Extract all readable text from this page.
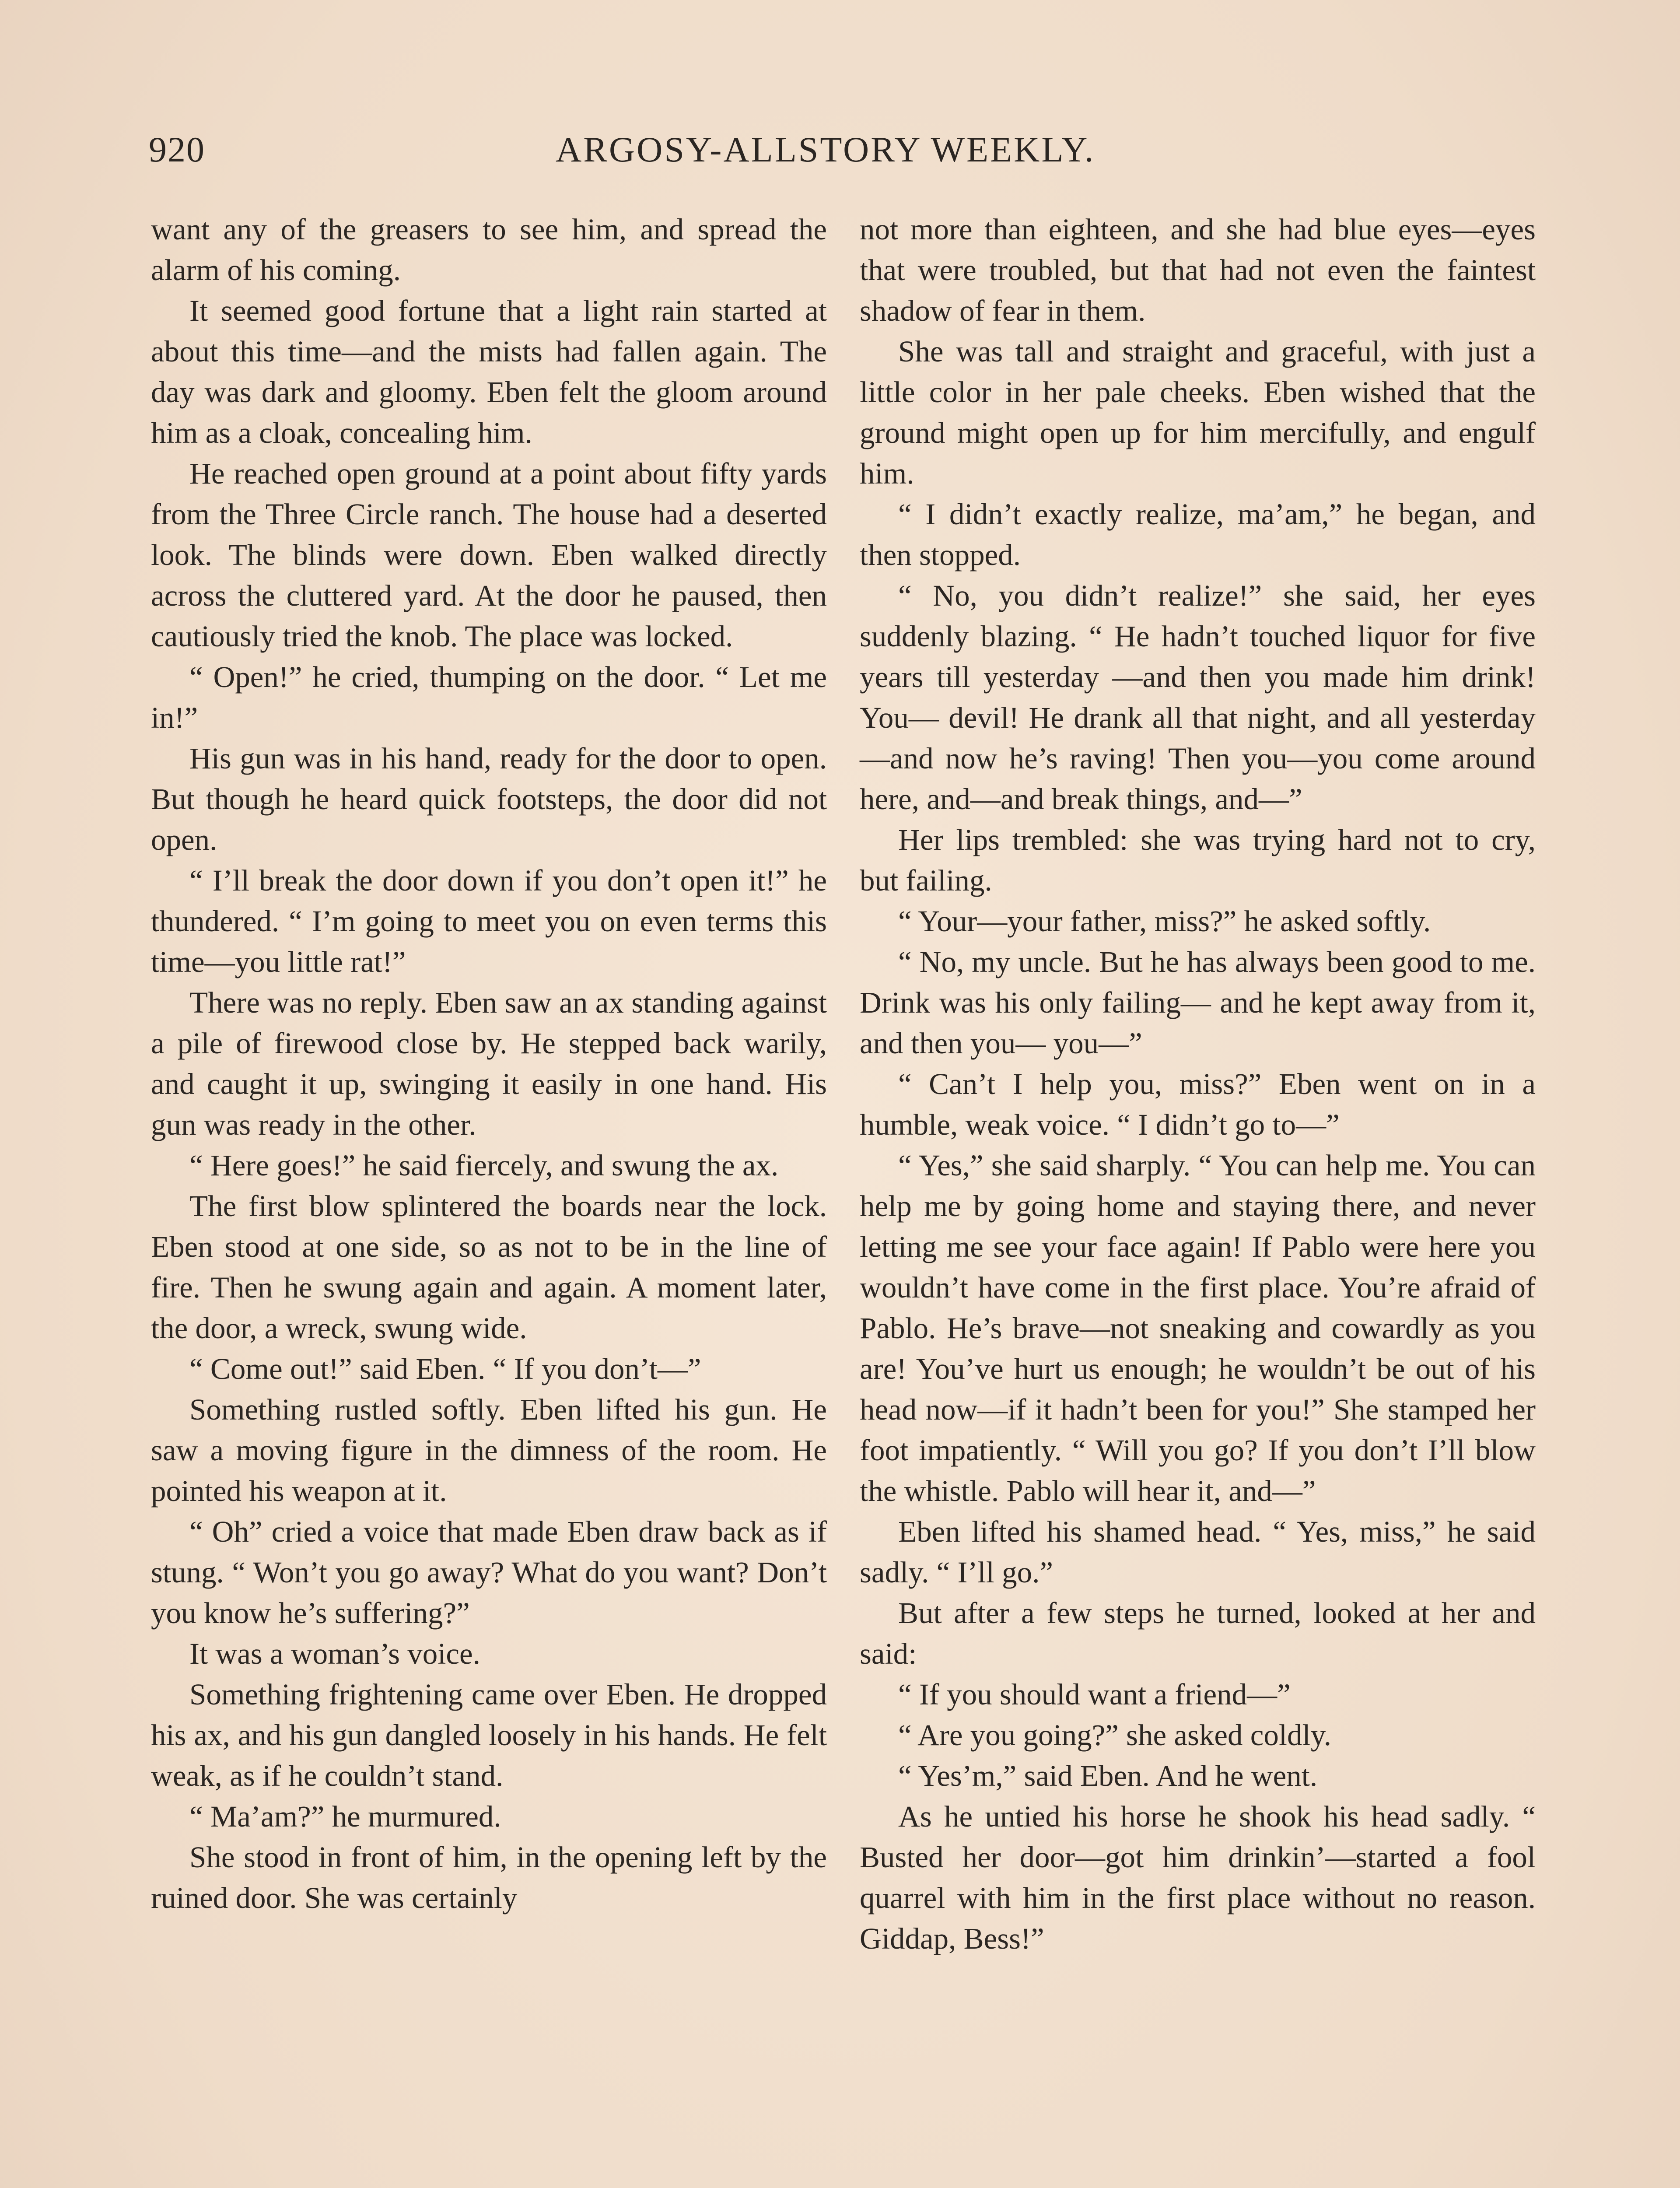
920	ARGOSY-ALLSTORY WEEKLY.

want any of the greasers to see him, and spread the alarm of his coming.

It seemed good fortune that a light rain started at about this time—and the mists had fallen again. The day was dark and gloomy. Eben felt the gloom around him as a cloak, concealing him.

He reached open ground at a point about fifty yards from the Three Circle ranch. The house had a deserted look. The blinds were down. Eben walked directly across the cluttered yard. At the door he paused, then cautiously tried the knob. The place was locked.

“ Open!” he cried, thumping on the door. “ Let me in!”

His gun was in his hand, ready for the door to open. But though he heard quick footsteps, the door did not open.

“ I’ll break the door down if you don’t open it!” he thundered. “ I’m going to meet you on even terms this time—you little rat!”

There was no reply. Eben saw an ax standing against a pile of firewood close by. He stepped back warily, and caught it up, swinging it easily in one hand. His gun was ready in the other.

“ Here goes!” he said fiercely, and swung the ax.

The first blow splintered the boards near the lock. Eben stood at one side, so as not to be in the line of fire. Then he swung again and again. A moment later, the door, a wreck, swung wide.

“ Come out!” said Eben. “ If you don’t—”

Something rustled softly. Eben lifted his gun. He saw a moving figure in the dimness of the room. He pointed his weapon at it.

“ Oh” cried a voice that made Eben draw back as if stung. “ Won’t you go away? What do you want? Don’t you know he’s suffering?”

It was a woman’s voice.

Something frightening came over Eben. He dropped his ax, and his gun dangled loosely in his hands. He felt weak, as if he couldn’t stand.

“ Ma’am?” he murmured.

She stood in front of him, in the opening left by the ruined door. She was certainly

not more than eighteen, and she had blue eyes—eyes that were troubled, but that had not even the faintest shadow of fear in them.

She was tall and straight and graceful, with just a little color in her pale cheeks. Eben wished that the ground might open up for him mercifully, and engulf him.

“ I didn’t exactly realize, ma’am,” he began, and then stopped.

“ No, you didn’t realize!” she said, her eyes suddenly blazing. “ He hadn’t touched liquor for five years till yesterday —and then you made him drink! You— devil! He drank all that night, and all yesterday—and now he’s raving! Then you—you come around here, and—and break things, and—”

Her lips trembled: she was trying hard not to cry, but failing.

“ Your—your father, miss?” he asked softly.

“ No, my uncle. But he has always been good to me. Drink was his only failing— and he kept away from it, and then you— you—”

“ Can’t I help you, miss?” Eben went on in a humble, weak voice. “ I didn’t go to—”

“ Yes,” she said sharply. “ You can help me. You can help me by going home and staying there, and never letting me see your face again! If Pablo were here you wouldn’t have come in the first place. You’re afraid of Pablo. He’s brave—not sneaking and cowardly as you are! You’ve hurt us enough; he wouldn’t be out of his head now—if it hadn’t been for you!” She stamped her foot impatiently. “ Will you go? If you don’t I’ll blow the whistle. Pablo will hear it, and—”

Eben lifted his shamed head. “ Yes, miss,” he said sadly. “ I’ll go.”

But after a few steps he turned, looked at her and said:

“ If you should want a friend—”

“ Are you going?” she asked coldly.

“ Yes’m,” said Eben. And he went.

As he untied his horse he shook his head sadly. “ Busted her door—got him drinkin’—started a fool quarrel with him in the first place without no reason. Giddap, Bess!”
